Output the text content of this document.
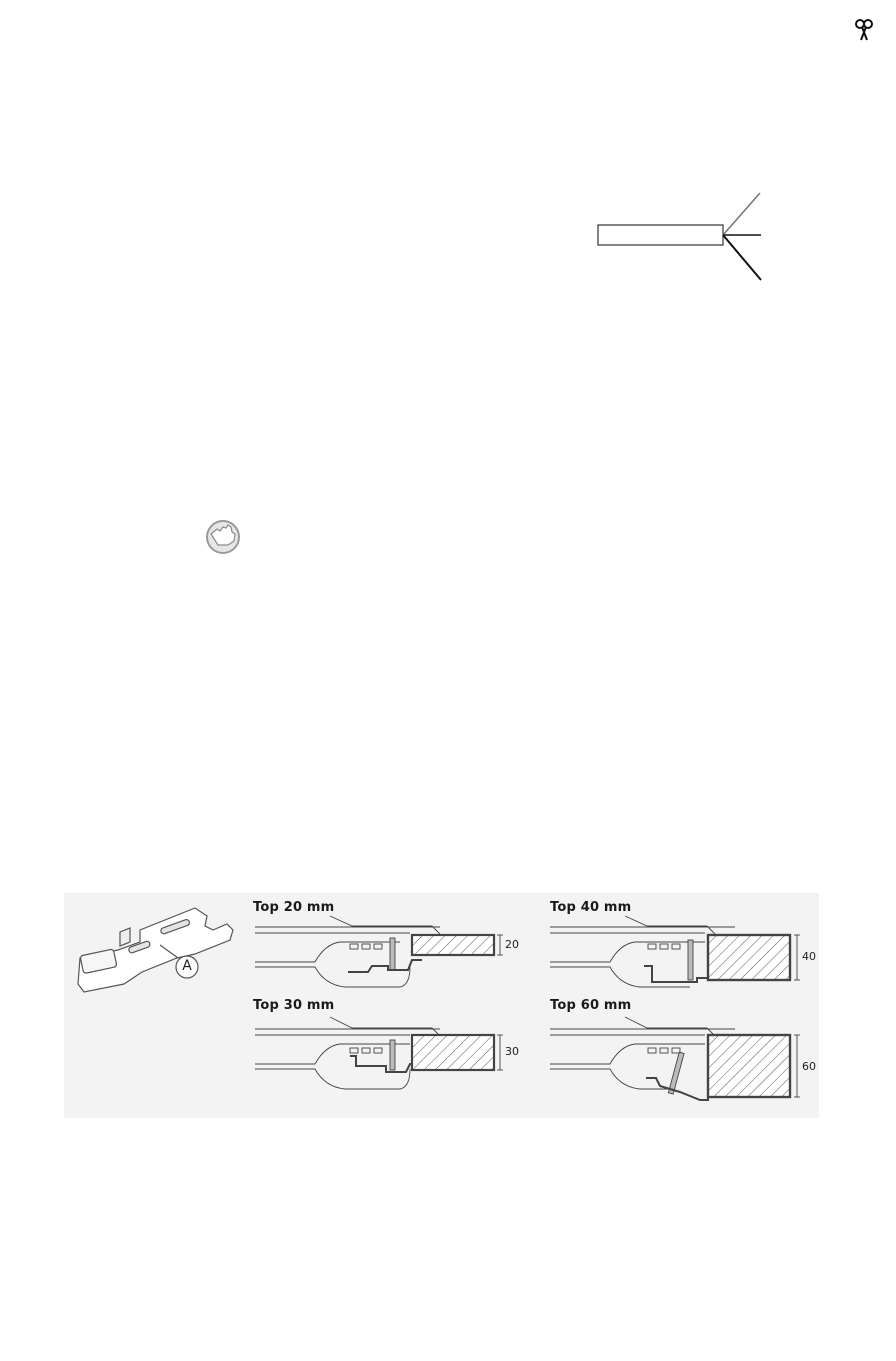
A
Top 20 mm	Top 40 mm
Top 30 mm	Top 60 mm
20
40
30
60
